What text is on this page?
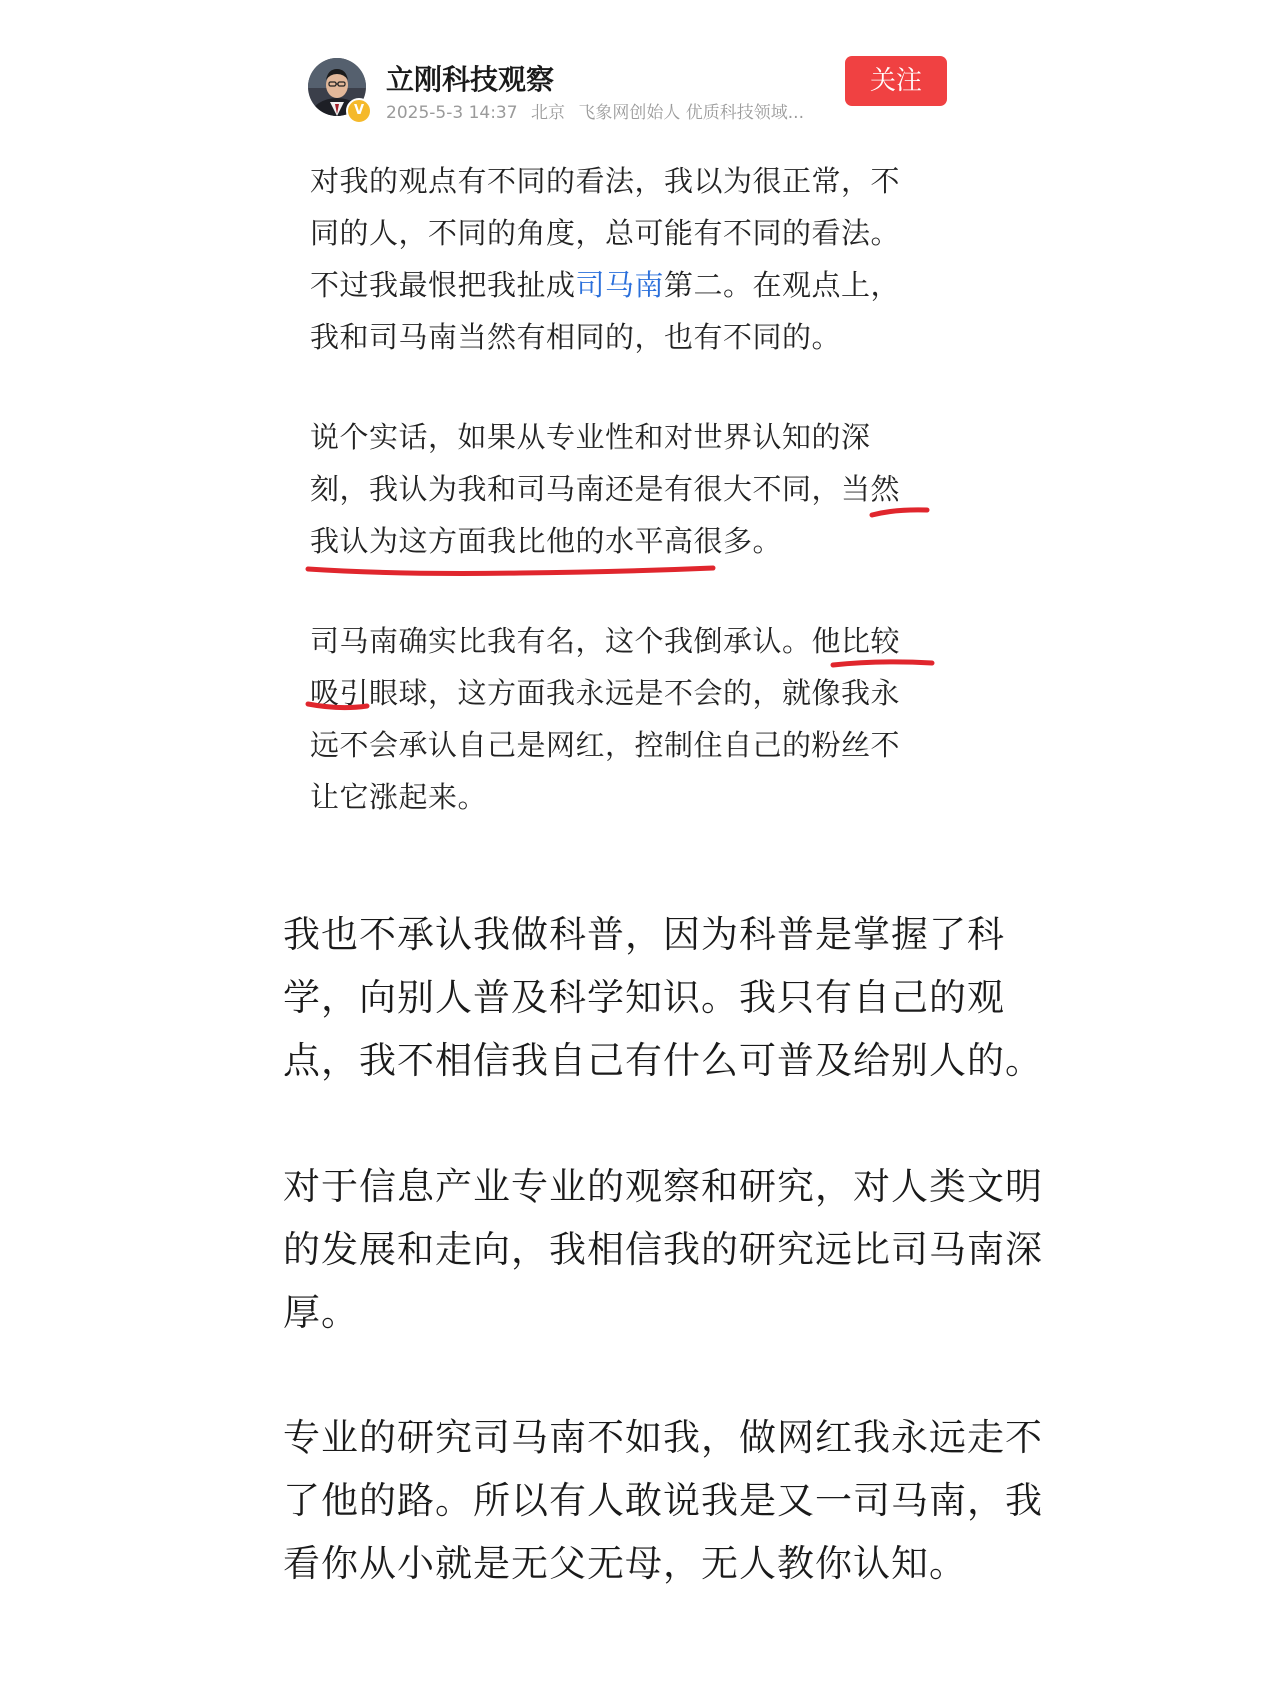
V
立刚科技观察
2025-5-3 14:37 北京 飞象网创始人 优质科技领域...
关注
对我的观点有不同的看法，我以为很正常，不
同的人，不同的角度，总可能有不同的看法。
不过我最恨把我扯成司马南第二。在观点上，
我和司马南当然有相同的，也有不同的。
说个实话，如果从专业性和对世界认知的深
刻，我认为我和司马南还是有很大不同，当然
我认为这方面我比他的水平高很多。
司马南确实比我有名，这个我倒承认。他比较
吸引眼球，这方面我永远是不会的，就像我永
远不会承认自己是网红，控制住自己的粉丝不
让它涨起来。
我也不承认我做科普，因为科普是掌握了科
学，向别人普及科学知识。我只有自己的观
点，我不相信我自己有什么可普及给别人的。
对于信息产业专业的观察和研究，对人类文明
的发展和走向，我相信我的研究远比司马南深
厚。
专业的研究司马南不如我，做网红我永远走不
了他的路。所以有人敢说我是又一司马南，我
看你从小就是无父无母，无人教你认知。
